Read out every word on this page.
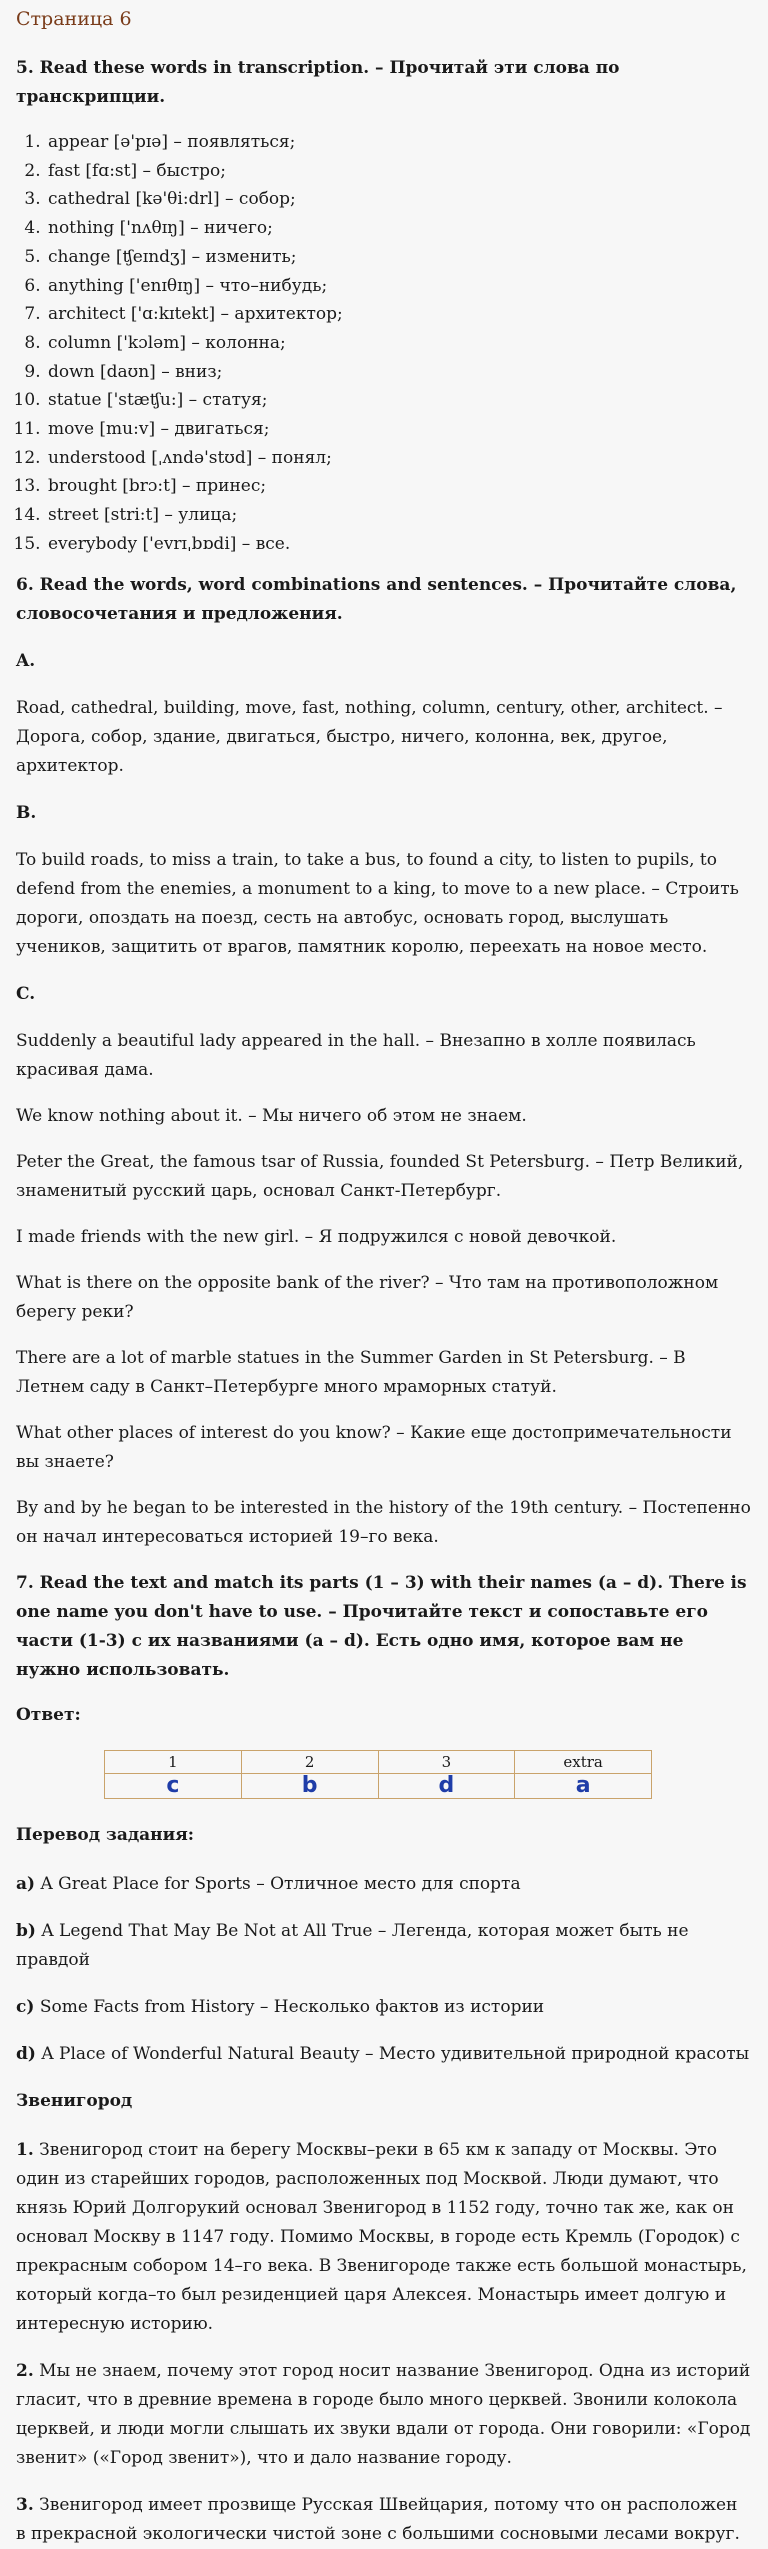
Страница 6
5. Read these words in transcription. – Прочитай эти слова по транскрипции.
1. appear [ə'pɪə] – появляться;
2. fast [fɑ:st] – быстро;
3. cathedral [kə'θi:drl] – собор;
4. nothing ['nʌθɪŋ] – ничего;
5. change [ʧeɪndʒ] – изменить;
6. anything ['enɪθɪŋ] – что–нибудь;
7. architect ['ɑ:kɪtekt] – архитектор;
8. column ['kɔləm] – колонна;
9. down [daʊn] – вниз;
10. statue ['stæʧu:] – статуя;
11. move [mu:v] – двигаться;
12. understood [ˌʌndə'stʊd] – понял;
13. brought [brɔ:t] – принес;
14. street [stri:t] – улица;
15. everybody ['evrɪˌbɒdi] – все.
6. Read the words, word combinations and sentences. – Прочитайте слова, словосочетания и предложения.
A.

Road, cathedral, building, move, fast, nothing, column, century, other, architect. – Дорога, собор, здание, двигаться, быстро, ничего, колонна, век, другое, архитектор.

B.

To build roads, to miss a train, to take a bus, to found a city, to listen to pupils, to defend from the enemies, a monument to a king, to move to a new place. – Строить дороги, опоздать на поезд, сесть на автобус, основать город, выслушать учеников, защитить от врагов, памятник королю, переехать на новое место.

C.

Suddenly a beautiful lady appeared in the hall. – Внезапно в холле появилась красивая дама.

We know nothing about it. – Мы ничего об этом не знаем.

Peter the Great, the famous tsar of Russia, founded St Petersburg. – Петр Великий, знаменитый русский царь, основал Санкт-Петербург.

I made friends with the new girl. – Я подружился с новой девочкой.

What is there on the opposite bank of the river? – Что там на противоположном берегу реки?

There are a lot of marble statues in the Summer Garden in St Petersburg. – В Летнем саду в Санкт–Петербурге много мраморных статуй.

What other places of interest do you know? – Какие еще достопримечательности вы знаете?

By and by he began to be interested in the history of the 19th century. – Постепенно он начал интересоваться историей 19–го века.

7. Read the text and match its parts (1 – 3) with their names (a – d). There is one name you don't have to use. – Прочитайте текст и сопоставьте его части (1-3) с их названиями (a – d). Есть одно имя, которое вам не нужно использовать.
Ответ:
1	2	3	extra
c	b	d	a
Перевод задания:
a) A Great Place for Sports – Отличное место для спорта
b) A Legend That May Be Not at All True – Легенда, которая может быть не правдой
c) Some Facts from History – Несколько фактов из истории
d) A Place of Wonderful Natural Beauty – Место удивительной природной красоты
Звенигород

1. Звенигород стоит на берегу Москвы–реки в 65 км к западу от Москвы. Это один из старейших городов, расположенных под Москвой. Люди думают, что князь Юрий Долгорукий основал Звенигород в 1152 году, точно так же, как он основал Москву в 1147 году. Помимо Москвы, в городе есть Кремль (Городок) с прекрасным собором 14–го века. В Звенигороде также есть большой монастырь, который когда–то был резиденцией царя Алексея. Монастырь имеет долгую и интересную историю.

2. Мы не знаем, почему этот город носит название Звенигород. Одна из историй гласит, что в древние времена в городе было много церквей. Звонили колокола церквей, и люди могли слышать их звуки вдали от города. Они говорили: «Город звенит» («Город звенит»), что и дало название городу.

3. Звенигород имеет прозвище Русская Швейцария, потому что он расположен в прекрасной экологически чистой зоне с большими сосновыми лесами вокруг.
